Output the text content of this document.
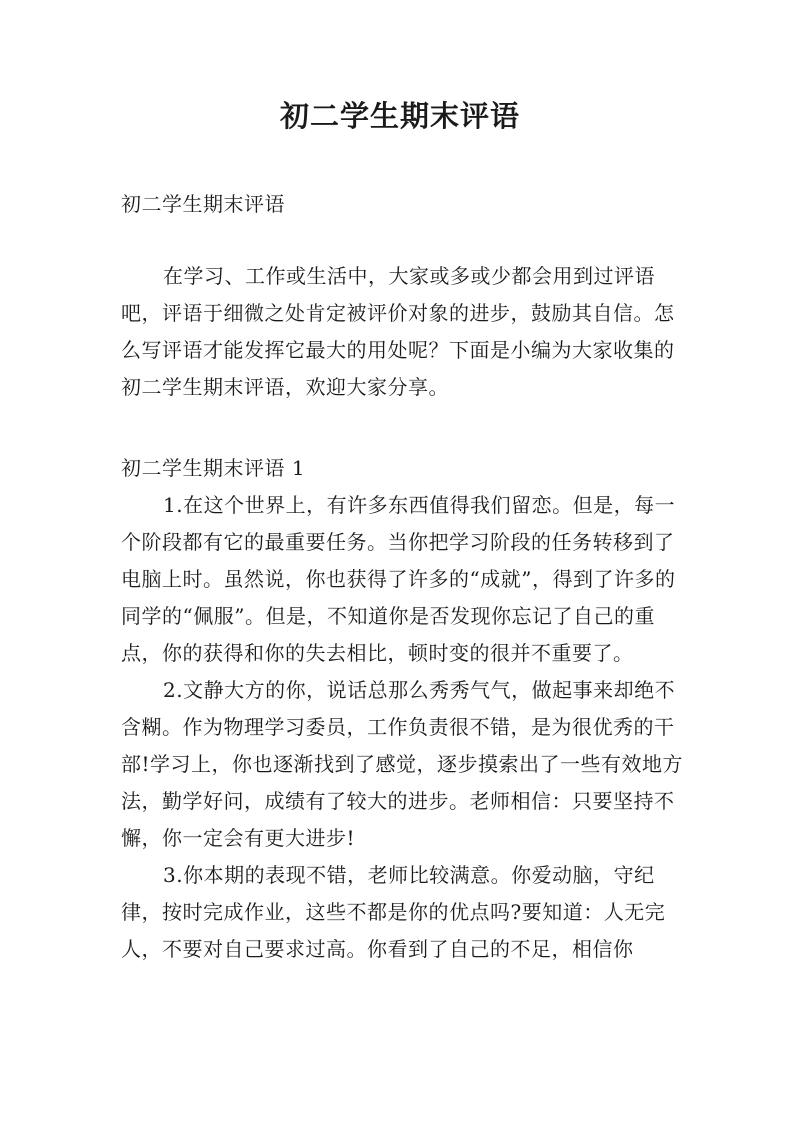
初二学生期末评语

初二学生期末评语

在学习、工作或生活中，大家或多或少都会用到过评语吧，评语于细微之处肯定被评价对象的进步，鼓励其自信。怎么写评语才能发挥它最大的用处呢？下面是小编为大家收集的初二学生期末评语，欢迎大家分享。

初二学生期末评语 1
1.在这个世界上，有许多东西值得我们留恋。但是，每一个阶段都有它的最重要任务。当你把学习阶段的任务转移到了电脑上时。虽然说，你也获得了许多的“成就”，得到了许多的同学的“佩服”。但是，不知道你是否发现你忘记了自己的重点，你的获得和你的失去相比，顿时变的很并不重要了。
2.文静大方的你，说话总那么秀秀气气，做起事来却绝不含糊。作为物理学习委员，工作负责很不错，是为很优秀的干部!学习上，你也逐渐找到了感觉，逐步摸索出了一些有效地方法，勤学好问，成绩有了较大的进步。老师相信：只要坚持不懈，你一定会有更大进步!
3.你本期的表现不错，老师比较满意。你爱动脑，守纪律，按时完成作业，这些不都是你的优点吗?要知道：人无完人，不要对自己要求过高。你看到了自己的不足，相信你
